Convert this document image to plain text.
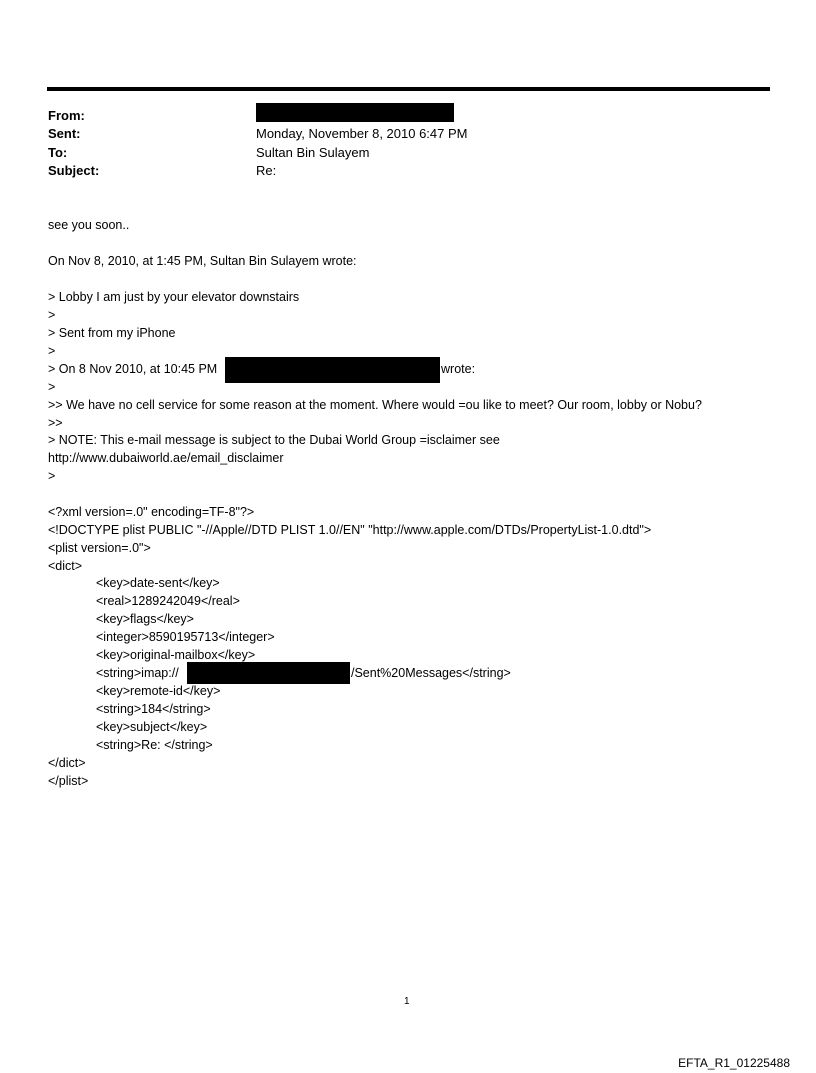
From:
Sent:	Monday, November 8, 2010 6:47 PM
To:	Sultan Bin Sulayem
Subject:	Re:
see you soon..
On Nov 8, 2010, at 1:45 PM, Sultan Bin Sulayem wrote:
> Lobby I am just by your elevator downstairs
>
> Sent from my iPhone
>
> On 8 Nov 2010, at 10:45 PM	wrote:
>
>> We have no cell service for some reason at the moment. Where would =ou like to meet? Our room, lobby or Nobu?
>>
> NOTE: This e-mail message is subject to the Dubai World Group =isclaimer see
http://www.dubaiworld.ae/email_disclaimer
>
<?xml version=.0" encoding=TF-8"?>
<!DOCTYPE plist PUBLIC "-//Apple//DTD PLIST 1.0//EN" "http://www.apple.com/DTDs/PropertyList-1.0.dtd">
<plist version=.0">
<dict>
<key>date-sent</key>
<real>1289242049</real>
<key>flags</key>
<integer>8590195713</integer>
<key>original-mailbox</key>
<string>imap://	/Sent%20Messages</string>
<key>remote-id</key>
<string>184</string>
<key>subject</key>
<string>Re: </string>
</dict>
</plist>
1
EFTA_R1_01225488
